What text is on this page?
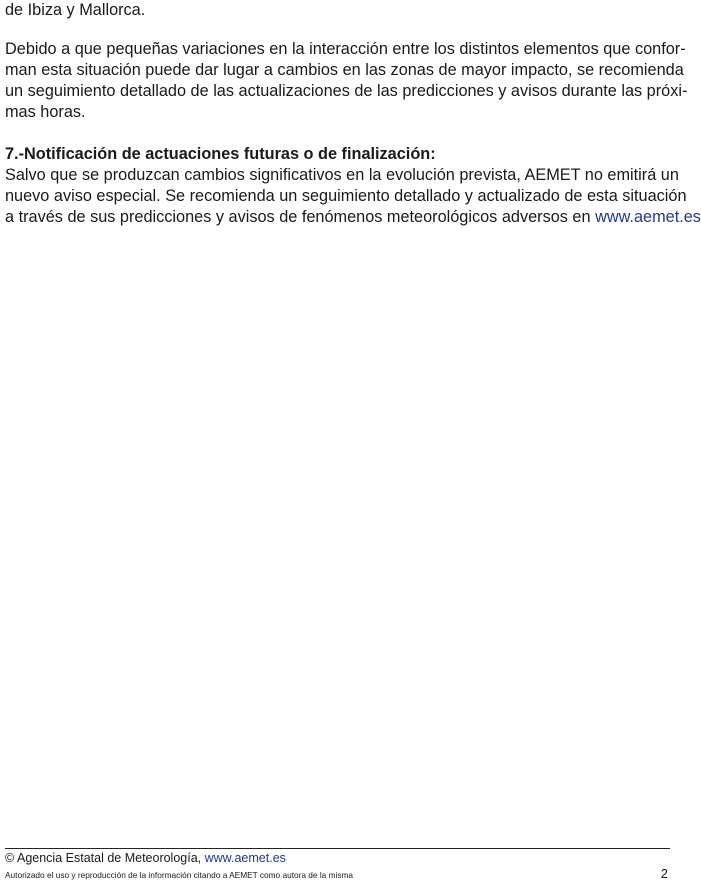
de Ibiza y Mallorca.

Debido a que pequeñas variaciones en la interacción entre los distintos elementos que confor-
man esta situación puede dar lugar a cambios en las zonas de mayor impacto, se recomienda
un seguimiento detallado de las actualizaciones de las predicciones y avisos durante las próxi-
mas horas.

7.-Notificación de actuaciones futuras o de finalización:

Salvo que se produzcan cambios significativos en la evolución prevista, AEMET no emitirá un
nuevo aviso especial. Se recomienda un seguimiento detallado y actualizado de esta situación
a través de sus predicciones y avisos de fenómenos meteorológicos adversos en www.aemet.es

© Agencia Estatal de Meteorología, www.aemet.es
Autorizado el uso y reproducción de la información citando a AEMET como autora de la misma	2
